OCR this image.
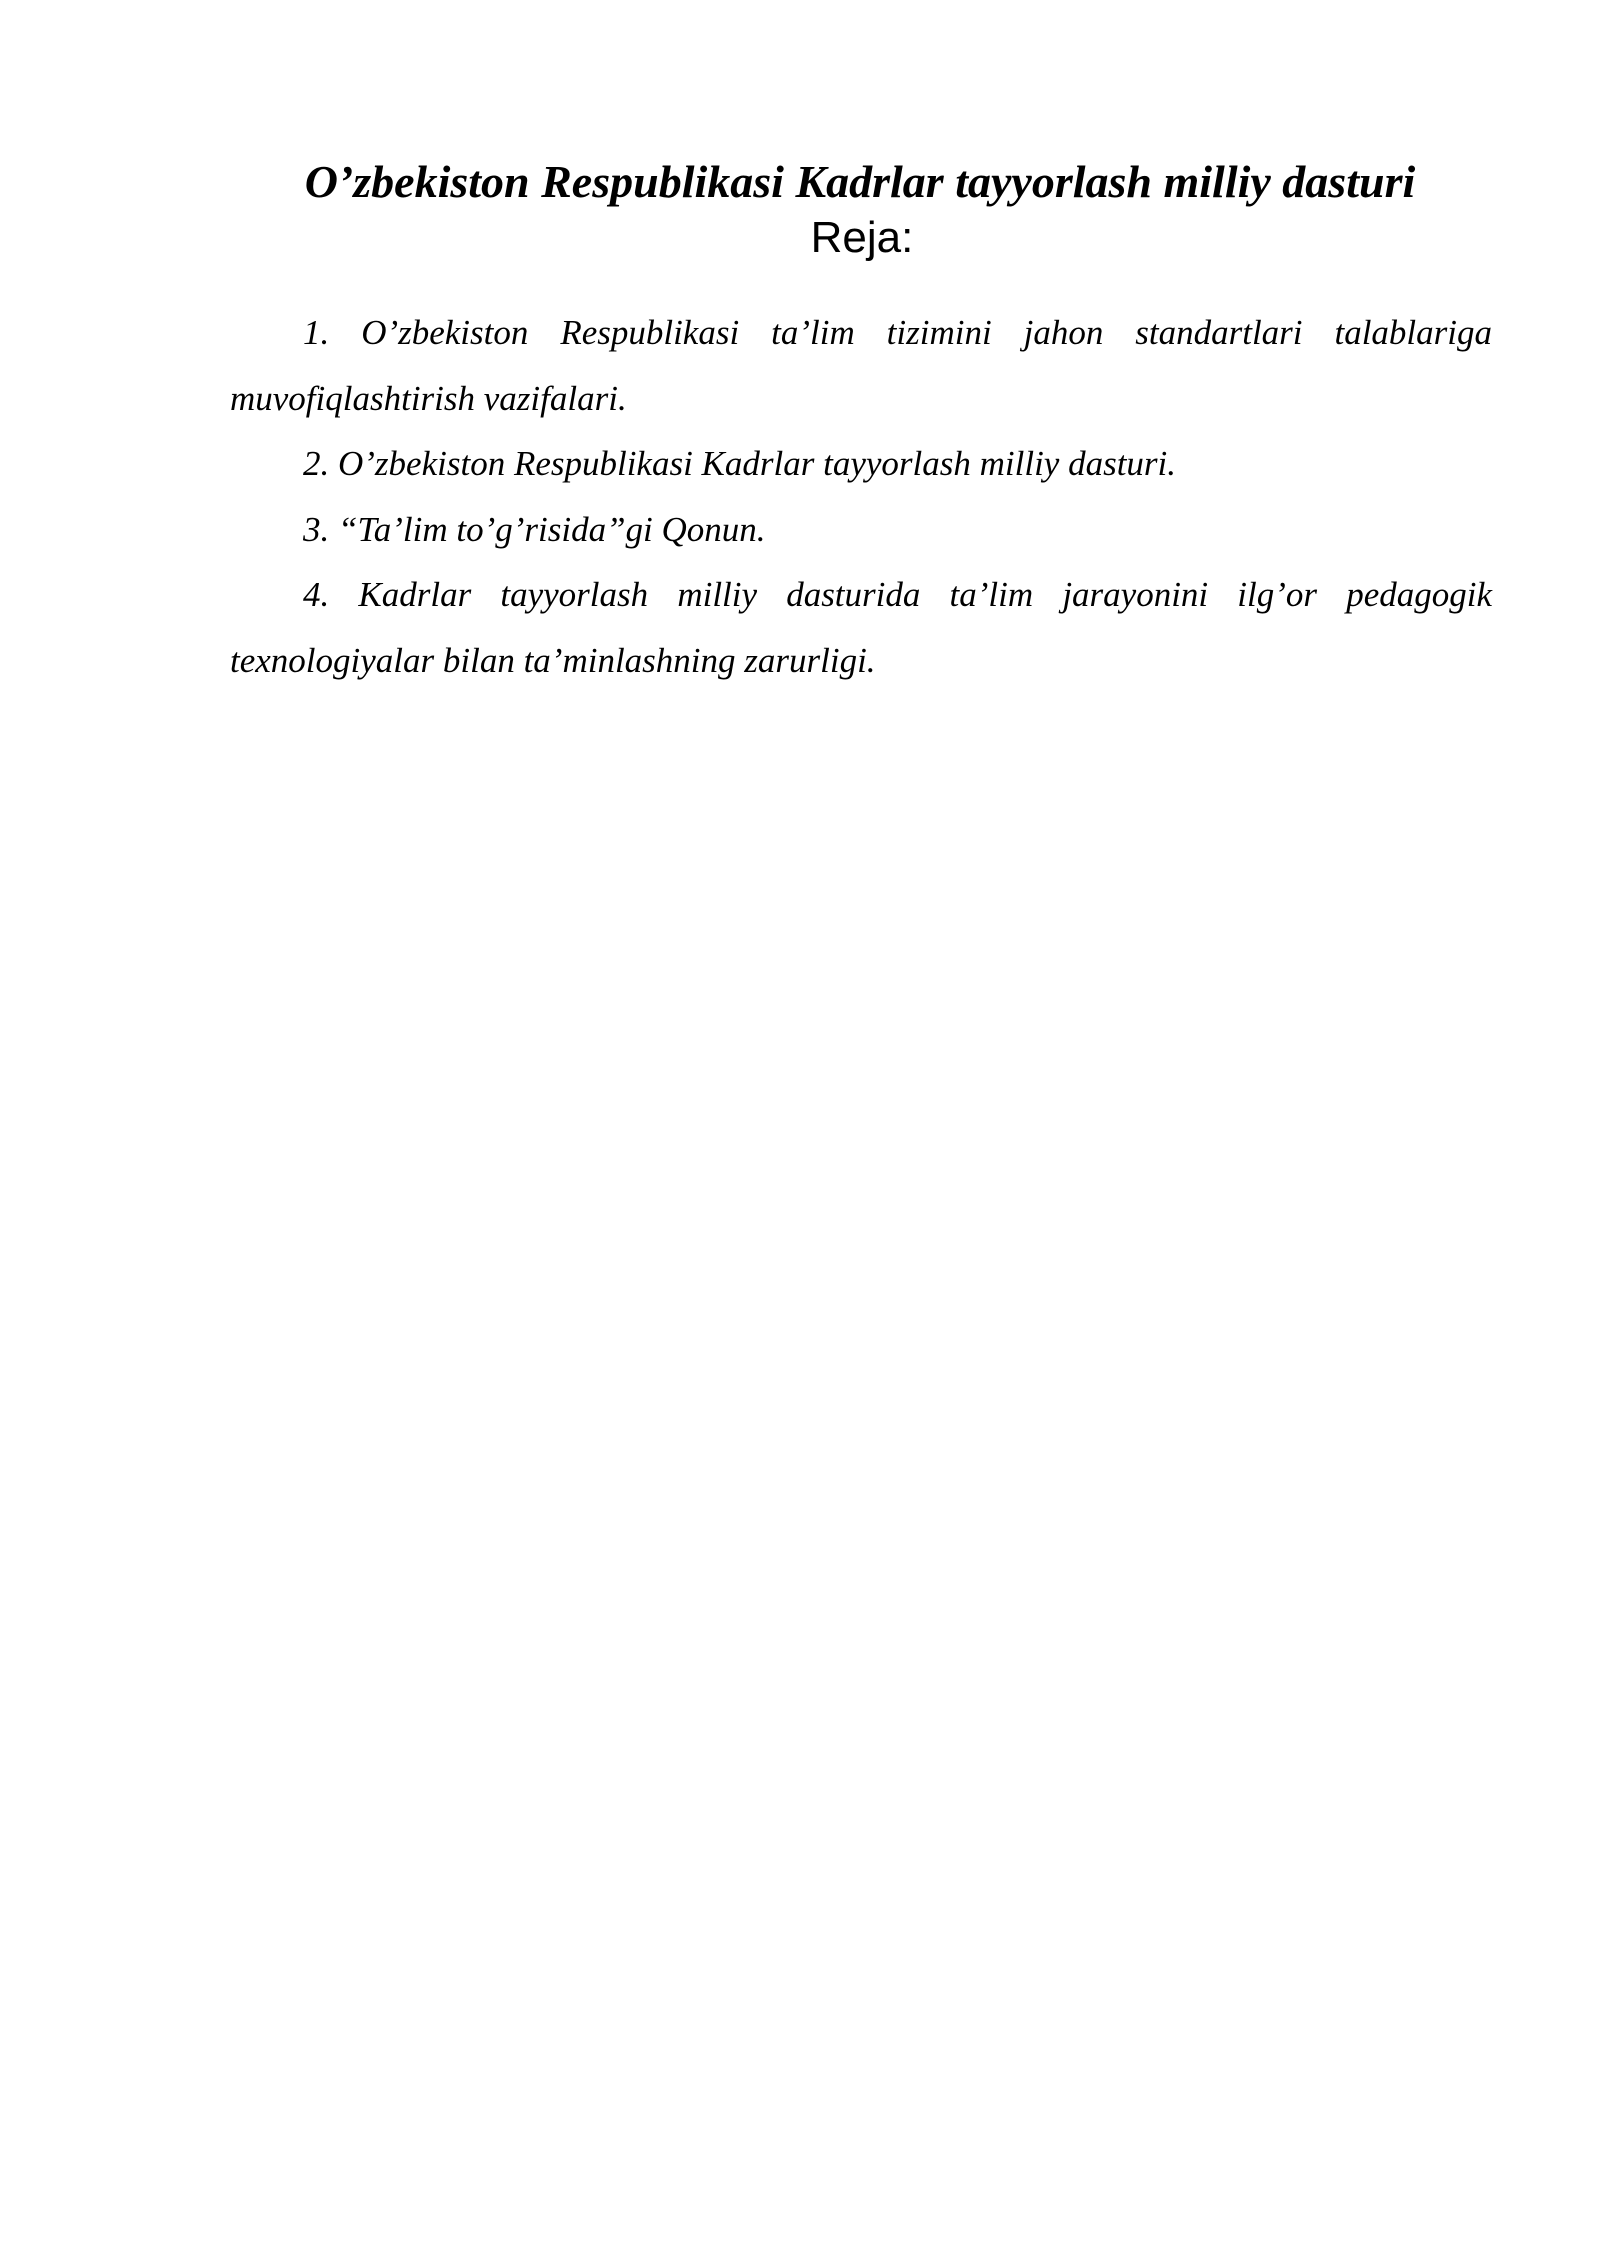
O’zbekiston Respublikasi Kadrlar tayyorlash milliy dasturi
Reja:
1. O’zbekiston Respublikasi ta’lim tizimini jahon standartlari talablariga muvofiqlashtirish vazifalari.
2. O’zbekiston Respublikasi Kadrlar tayyorlash milliy dasturi.
3. “Ta’lim to’g’risida”gi Qonun.
4. Kadrlar tayyorlash milliy dasturida ta’lim jarayonini ilg’or pedagogik texnologiyalar bilan ta’minlashning zarurligi.
